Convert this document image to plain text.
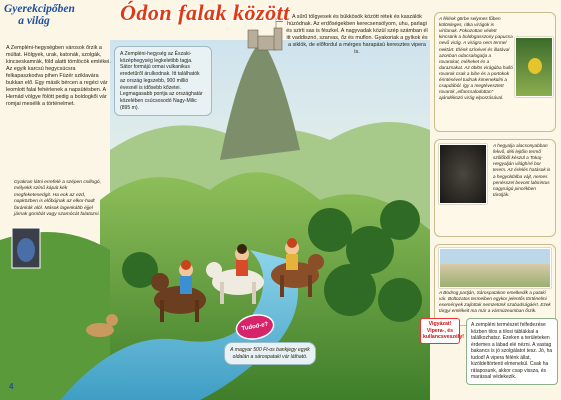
Gyerekcipőben a világ	Ódon falak között
A Zempléni-hegységben városok őrzik a múltat. Hölgyek, urak, katonák, szolgák, kincseskamrák, föld alatti tömlöcök emlékei. Az egyik karcsú hegycsúcsra felkapaszkodva pihen Füzér sziklavára bukkan elő. Egy másik bércen a regéci vár leomlott falai fehérlenek a napsütésben. A Hernád völgye fölött pedig a boldogkői vár romjai mesélik a történelmet.
A Zempléni-hegység az Északi-középhegység legkeletibb tagja. Sátor formájú ormai vulkanikus eredetűről árulkodnak. Itt találhatók az ország legszebb, 900 millió évesnél is idősebb kőzetei. Legmagasabb pontja az országhatár közelében csúcsosodó Nagy-Milic (895 m).
A sűrű tölgyesek és bükkösök között rétek és kaszálók húzódnak. Az erdőségekben kerecsensólyom, uhu, parlagi és szirti sas is fészkel. A nagyvadak közül szép számban él itt vaddisznó, szarvas, őz és muflon. Gyakoriak a gyíkok és a siklók, de előfordul a mérges harapású keresztes vipera is.
Gyakran látni errefelé a szépen csillogó, mélyekk színű kápát kék megfeketesedgit. Ha eok az ezd, napközben is előbújnak az elkor-hadt faránkák alól. Mások lagenkább éjjel járnak gombát vagy szamócát falatozni.
A félénk görbe selymes fűben különleges, ritka virágok is virítanak. Fokozottan védett kincsünk a boldogasszony papucsa nevű virág. A virágra nem termel nektárt. Élénk színével és illatával azonban odacsalogatja a rovarokat, méheket és a darazsakat. Az öblös virágúba hulló rovarok csak a bibe és a portokok érintésével tudnak kimenekülni a csapdából. Így a megtévesztett rovarok „elfancsalodottan” ajándékozó virág elporzásával.
A hegyalja alacsonyabban fekvő, déli lejtőin termő szőlőből készül a Tokaj-Hegyalján világhíré bor terem. Az érlelés hatások is a hegyoldalba vájt, nemes penésszel bevont labirintus nagyságú pincékben tárolják.
A Bodrog partján, Sárospatakon emelkedik a pataki vár. Boltozatos termeiben egykor jelentős történelmi események zajlottak nemzetünk szabadságáért. Ezek tárgyi emlékeit ma már a vármúzeumban őrzik.
Tudod-e?
A magyar 500 Ft-os bankjegy egyik oldalán a sárospataki vár látható.
Vigyázat! Vipera-, és kullancsveszély!
A zempléni természet felfedezése közben tilos a tilosi táblákkal a találkozhatsz. Ezeken a területeken érdemes a lábad elé nézni. A vastag bakancs is jó szolgálatot tesz. Jó, ha tudod! A vipera félénk állat, kizöldeltörtenti elmenekül. Csak ha rátaposunk, akkor csap vissza, és marással védekezik.
4
